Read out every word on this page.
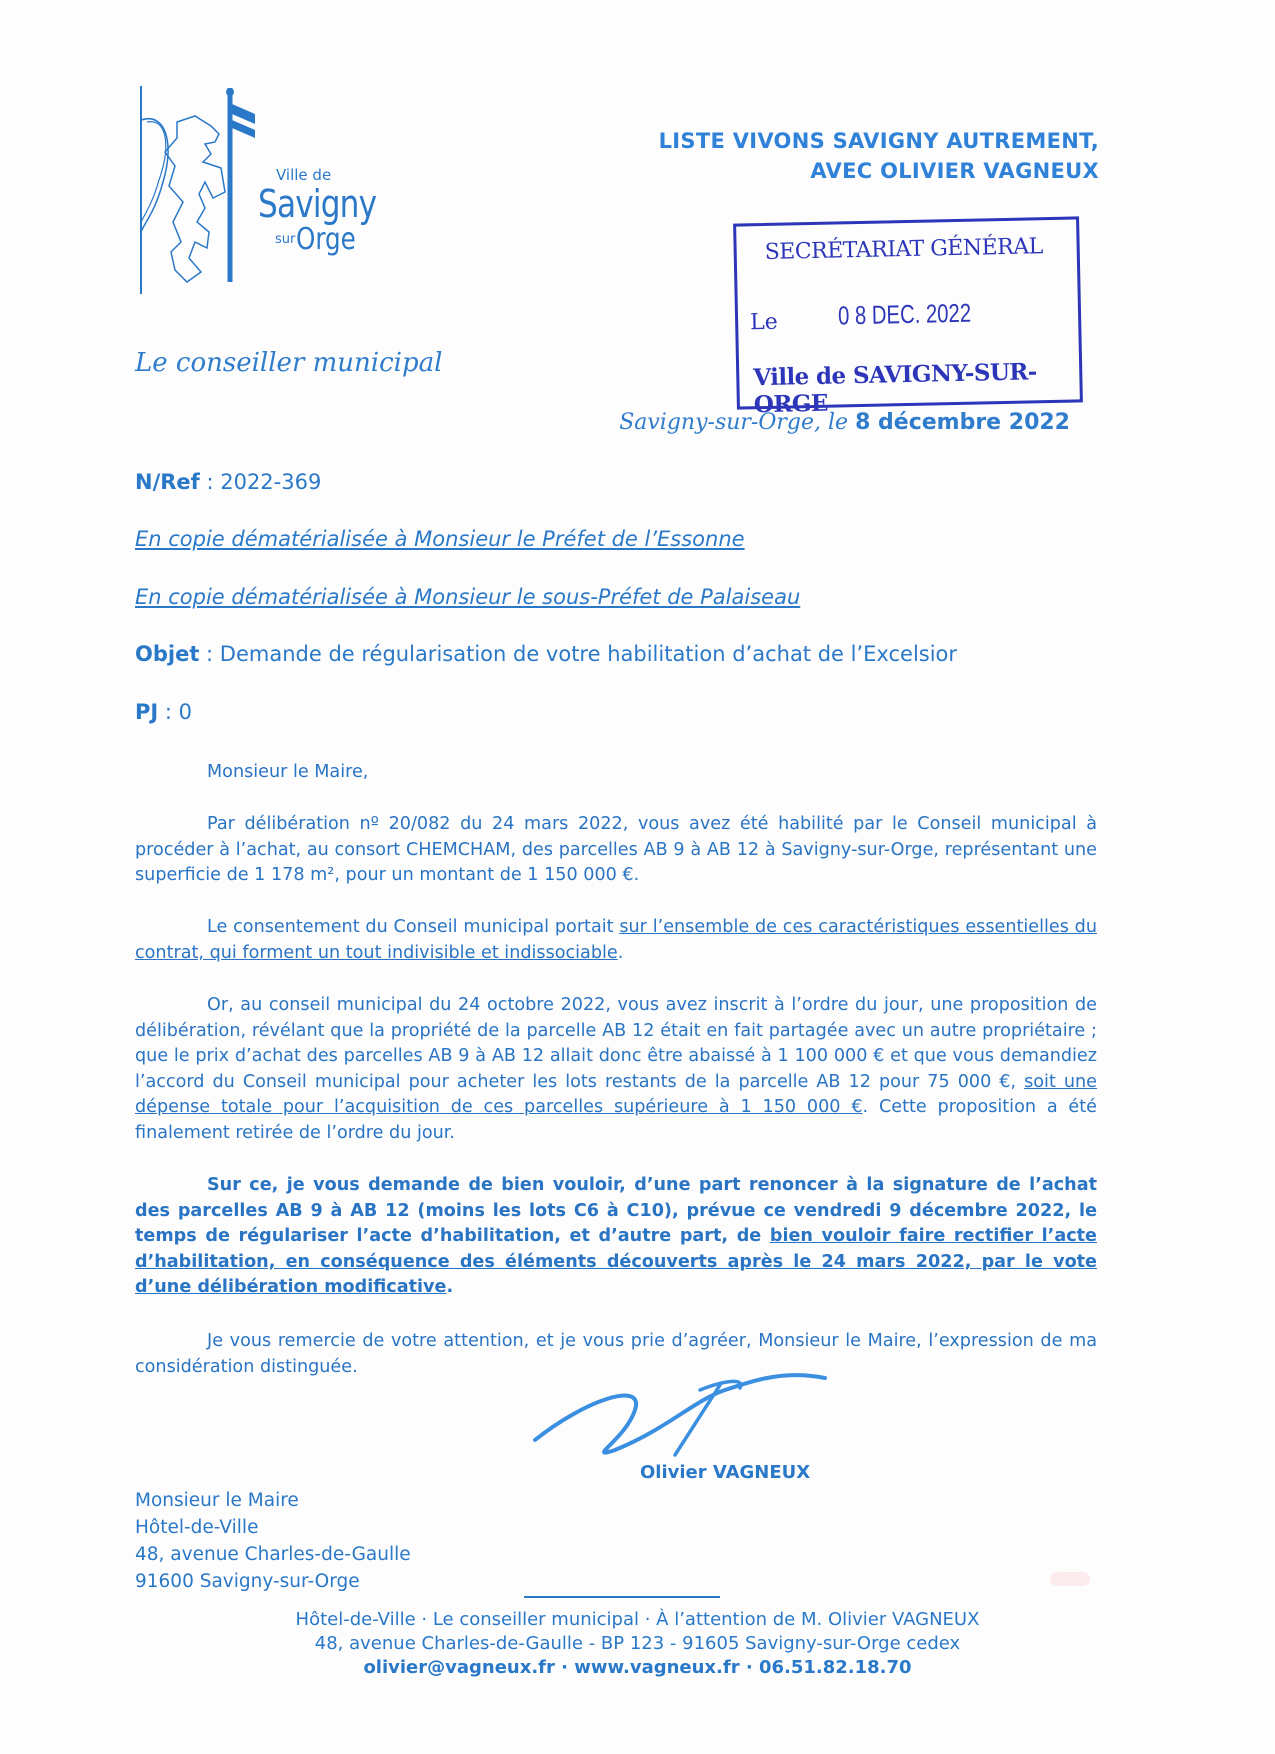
Ville de
Savigny
sur Orge
LISTE VIVONS SAVIGNY AUTREMENT,
AVEC OLIVIER VAGNEUX
SECRÉTARIAT GÉNÉRAL
Le 0 8 DEC. 2022
Ville de SAVIGNY-SUR-ORGE
Le conseiller municipal
Savigny-sur-Orge, le 8 décembre 2022
N/Ref : 2022-369
En copie dématérialisée à Monsieur le Préfet de l’Essonne
En copie dématérialisée à Monsieur le sous-Préfet de Palaiseau
Objet : Demande de régularisation de votre habilitation d’achat de l’Excelsior
PJ : 0
Monsieur le Maire,
Par délibération nº 20/082 du 24 mars 2022, vous avez été habilité par le Conseil municipal à procéder à l’achat, au consort CHEMCHAM, des parcelles AB 9 à AB 12 à Savigny-sur-Orge, représentant une superficie de 1 178 m², pour un montant de 1 150 000 €.
Le consentement du Conseil municipal portait sur l’ensemble de ces caractéristiques essentielles du contrat, qui forment un tout indivisible et indissociable.
Or, au conseil municipal du 24 octobre 2022, vous avez inscrit à l’ordre du jour, une proposition de délibération, révélant que la propriété de la parcelle AB 12 était en fait partagée avec un autre propriétaire ; que le prix d’achat des parcelles AB 9 à AB 12 allait donc être abaissé à 1 100 000 € et que vous demandiez l’accord du Conseil municipal pour acheter les lots restants de la parcelle AB 12 pour 75 000 €, soit une dépense totale pour l’acquisition de ces parcelles supérieure à 1 150 000 €. Cette proposition a été finalement retirée de l’ordre du jour.
Sur ce, je vous demande de bien vouloir, d’une part renoncer à la signature de l’achat des parcelles AB 9 à AB 12 (moins les lots C6 à C10), prévue ce vendredi 9 décembre 2022, le temps de régulariser l’acte d’habilitation, et d’autre part, de bien vouloir faire rectifier l’acte d’habilitation, en conséquence des éléments découverts après le 24 mars 2022, par le vote d’une délibération modificative.
Je vous remercie de votre attention, et je vous prie d’agréer, Monsieur le Maire, l’expression de ma considération distinguée.
Olivier VAGNEUX
Monsieur le Maire
Hôtel-de-Ville
48, avenue Charles-de-Gaulle
91600 Savigny-sur-Orge
Hôtel-de-Ville · Le conseiller municipal · À l’attention de M. Olivier VAGNEUX
48, avenue Charles-de-Gaulle - BP 123 - 91605 Savigny-sur-Orge cedex
olivier@vagneux.fr · www.vagneux.fr · 06.51.82.18.70
